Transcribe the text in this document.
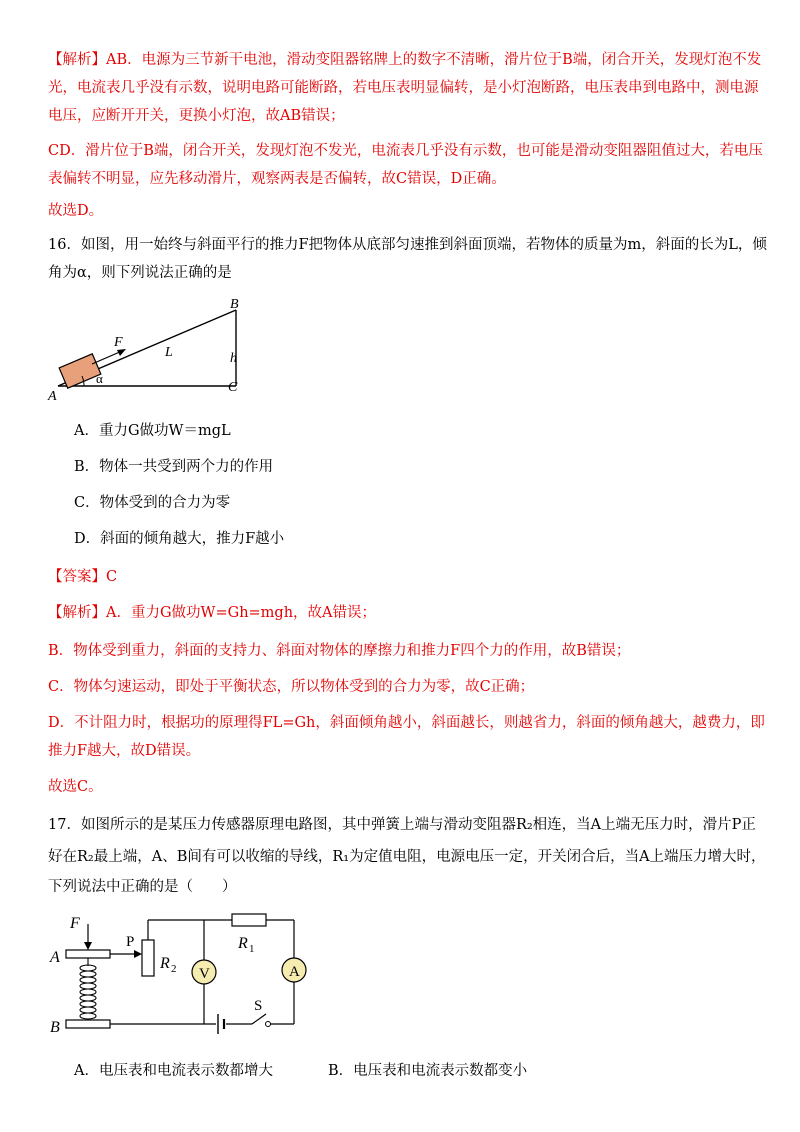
【解析】AB．电源为三节新干电池，滑动变阻器铭牌上的数字不清晰，滑片位于B端，闭合开关，发现灯泡不发
光，电流表几乎没有示数，说明电路可能断路，若电压表明显偏转，是小灯泡断路，电压表串到电路中，测电源
电压，应断开开关，更换小灯泡，故AB错误；
CD．滑片位于B端，闭合开关，发现灯泡不发光，电流表几乎没有示数，也可能是滑动变阻器阻值过大，若电压
表偏转不明显，应先移动滑片，观察两表是否偏转，故C错误，D正确。
故选D。
16．如图，用一始终与斜面平行的推力F把物体从底部匀速推到斜面顶端，若物体的质量为m，斜面的长为L，倾
角为α，则下列说法正确的是
A
B
C
L	h
F
α
A．重力G做功W＝mgL
B．物体一共受到两个力的作用
C．物体受到的合力为零
D．斜面的倾角越大，推力F越小
【答案】C
【解析】A．重力G做功W=Gh=mgh，故A错误；
B．物体受到重力，斜面的支持力、斜面对物体的摩擦力和推力F四个力的作用，故B错误；
C．物体匀速运动，即处于平衡状态，所以物体受到的合力为零，故C正确；
D．不计阻力时，根据功的原理得FL=Gh，斜面倾角越小，斜面越长，则越省力，斜面的倾角越大，越费力，即
推力F越大，故D错误。
故选C。
17．如图所示的是某压力传感器原理电路图，其中弹簧上端与滑动变阻器R₂相连，当A上端无压力时，滑片P正
好在R₂最上端，A、B间有可以收缩的导线，R₁为定值电阻，电源电压一定，开关闭合后，当A上端压力增大时，
下列说法中正确的是（　　）
F
A
B
P
R 2
R 1
A
V
S
A．电压表和电流表示数都增大	B．电压表和电流表示数都变小
